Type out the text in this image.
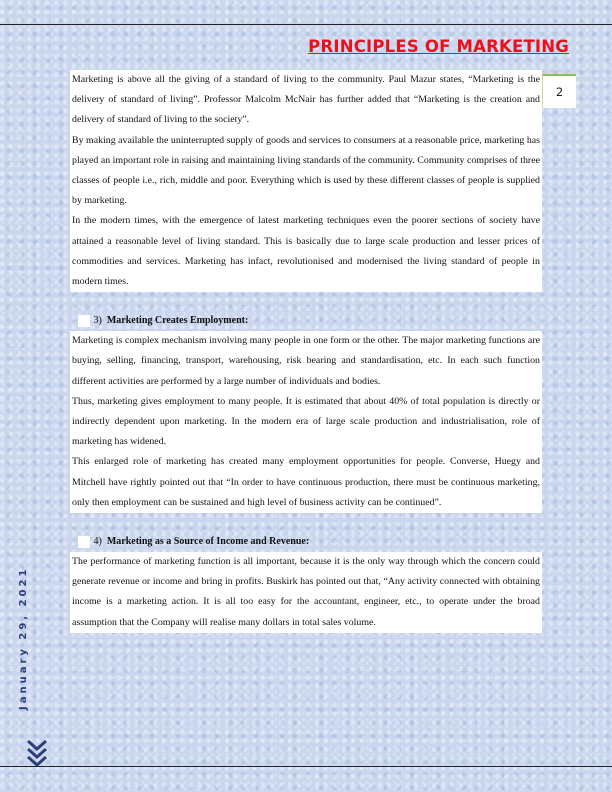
PRINCIPLES OF MARKETING
2

Marketing is above all the giving of a standard of living to the community. Paul Mazur states, “Marketing is the delivery of standard of living”. Professor Malcolm McNair has further added that “Marketing is the creation and delivery of standard of living to the society”.

By making available the uninterrupted supply of goods and services to consumers at a reasonable price, marketing has played an important role in raising and maintaining living standards of the community. Community comprises of three classes of people i.e., rich, middle and poor. Everything which is used by these different classes of people is supplied by marketing.

In the modern times, with the emergence of latest marketing techniques even the poorer sections of society have attained a reasonable level of living standard. This is basically due to large scale production and lesser prices of commodities and services. Marketing has infact, revolutionised and modernised the living standard of people in modern times.

3) Marketing Creates Employment:

Marketing is complex mechanism involving many people in one form or the other. The major marketing functions are buying, selling, financing, transport, warehousing, risk bearing and standardisation, etc. In each such function different activities are performed by a large number of individuals and bodies.

Thus, marketing gives employment to many people. It is estimated that about 40% of total population is directly or indirectly dependent upon marketing. In the modern era of large scale production and industrialisation, role of marketing has widened.

This enlarged role of marketing has created many employment opportunities for people. Converse, Huegy and Mitchell have rightly pointed out that “In order to have continuous production, there must be continuous marketing, only then employment can be sustained and high level of business activity can be continued”.

4) Marketing as a Source of Income and Revenue:

The performance of marketing function is all important, because it is the only way through which the concern could generate revenue or income and bring in profits. Buskirk has pointed out that, “Any activity connected with obtaining income is a marketing action. It is all too easy for the accountant, engineer, etc., to operate under the broad assumption that the Company will realise many dollars in total sales volume.

January 29, 2021
